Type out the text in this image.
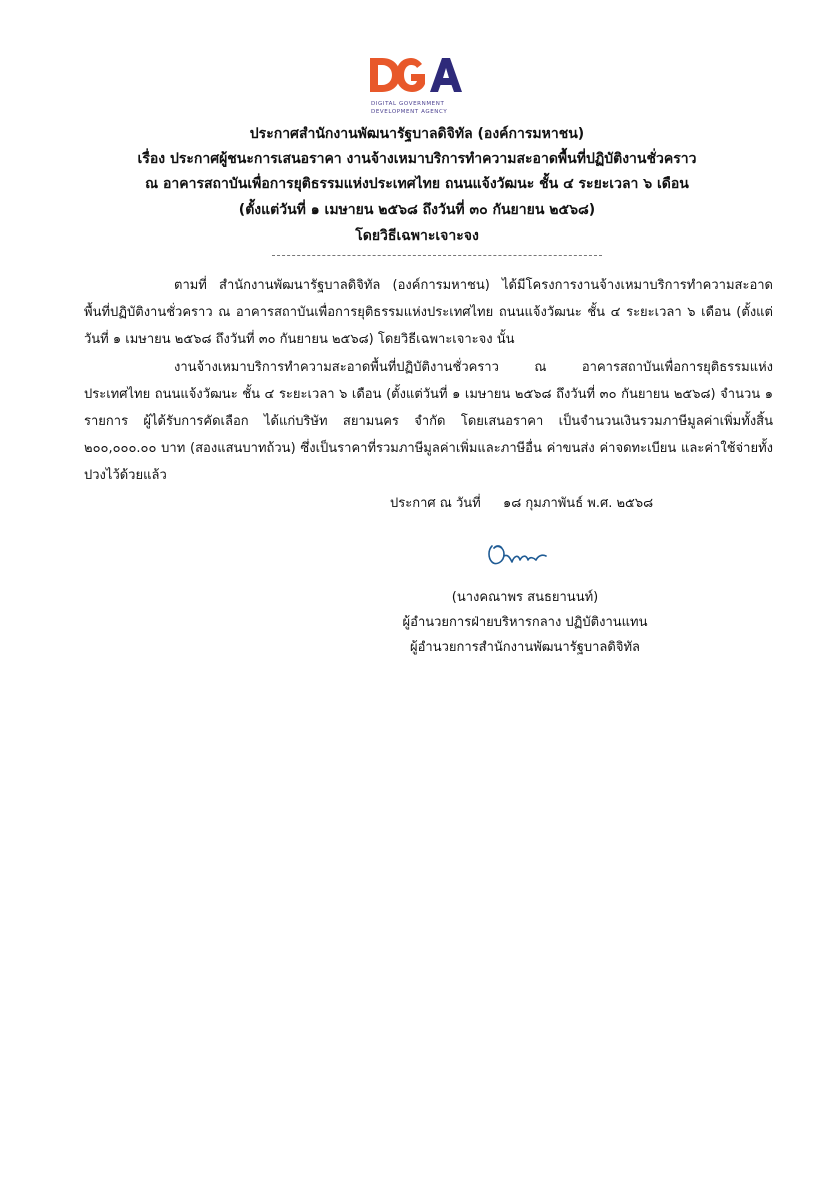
DIGITAL GOVERNMENT
DEVELOPMENT AGENCY
ประกาศสำนักงานพัฒนารัฐบาลดิจิทัล (องค์การมหาชน)
เรื่อง ประกาศผู้ชนะการเสนอราคา งานจ้างเหมาบริการทำความสะอาดพื้นที่ปฏิบัติงานชั่วคราว
ณ อาคารสถาบันเพื่อการยุติธรรมแห่งประเทศไทย ถนนแจ้งวัฒนะ ชั้น ๔ ระยะเวลา ๖ เดือน
(ตั้งแต่วันที่ ๑ เมษายน ๒๕๖๘ ถึงวันที่ ๓๐ กันยายน ๒๕๖๘)
โดยวิธีเฉพาะเจาะจง

ตามที่ สำนักงานพัฒนารัฐบาลดิจิทัล (องค์การมหาชน) ได้มีโครงการงานจ้างเหมาบริการทำความสะอาดพื้นที่ปฏิบัติงานชั่วคราว ณ อาคารสถาบันเพื่อการยุติธรรมแห่งประเทศไทย ถนนแจ้งวัฒนะ ชั้น ๔ ระยะเวลา ๖ เดือน (ตั้งแต่วันที่ ๑ เมษายน ๒๕๖๘ ถึงวันที่ ๓๐ กันยายน ๒๕๖๘) โดยวิธีเฉพาะเจาะจง นั้น

งานจ้างเหมาบริการทำความสะอาดพื้นที่ปฏิบัติงานชั่วคราว ณ อาคารสถาบันเพื่อการยุติธรรมแห่งประเทศไทย ถนนแจ้งวัฒนะ ชั้น ๔ ระยะเวลา ๖ เดือน (ตั้งแต่วันที่ ๑ เมษายน ๒๕๖๘ ถึงวันที่ ๓๐ กันยายน ๒๕๖๘) จำนวน ๑ รายการ ผู้ได้รับการคัดเลือก ได้แก่บริษัท สยามนคร จำกัด โดยเสนอราคา เป็นจำนวนเงินรวมภาษีมูลค่าเพิ่มทั้งสิ้น ๒๐๐,๐๐๐.๐๐ บาท (สองแสนบาทถ้วน) ซึ่งเป็นราคาที่รวมภาษีมูลค่าเพิ่มและภาษีอื่น ค่าขนส่ง ค่าจดทะเบียน และค่าใช้จ่ายทั้งปวงไว้ด้วยแล้ว

ประกาศ ณ วันที่ ๑๘ กุมภาพันธ์ พ.ศ. ๒๕๖๘
(นางคณาพร สนธยานนท์)
ผู้อำนวยการฝ่ายบริหารกลาง ปฏิบัติงานแทน
ผู้อำนวยการสำนักงานพัฒนารัฐบาลดิจิทัล
